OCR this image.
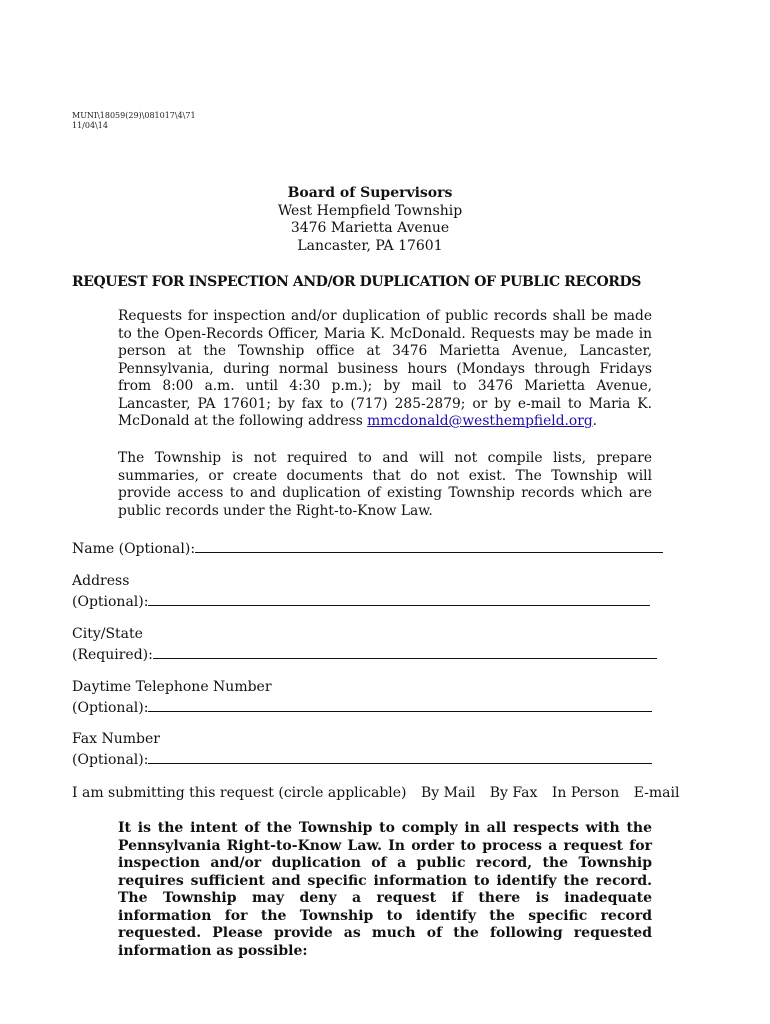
MUNI\18059(29)\081017\4\71
11/04\14
Board of Supervisors
West Hempfield Township
3476 Marietta Avenue
Lancaster, PA 17601
REQUEST FOR INSPECTION AND/OR DUPLICATION OF PUBLIC RECORDS
Requests for inspection and/or duplication of public records shall be made to the Open-Records Officer, Maria K. McDonald. Requests may be made in person at the Township office at 3476 Marietta Avenue, Lancaster, Pennsylvania, during normal business hours (Mondays through Fridays from 8:00 a.m. until 4:30 p.m.); by mail to 3476 Marietta Avenue, Lancaster, PA 17601; by fax to (717) 285-2879; or by e-mail to Maria K. McDonald at the following address mmcdonald@westhempfield.org.
The Township is not required to and will not compile lists, prepare summaries, or create documents that do not exist. The Township will provide access to and duplication of existing Township records which are public records under the Right-to-Know Law.
Name (Optional):
Address
(Optional):
City/State
(Required):
Daytime Telephone Number
(Optional):
Fax Number
(Optional):
I am submitting this request (circle applicable) By Mail By Fax In Person E-mail
It is the intent of the Township to comply in all respects with the Pennsylvania Right-to-Know Law. In order to process a request for inspection and/or duplication of a public record, the Township requires sufficient and specific information to identify the record. The Township may deny a request if there is inadequate information for the Township to identify the specific record requested. Please provide as much of the following requested information as possible:
